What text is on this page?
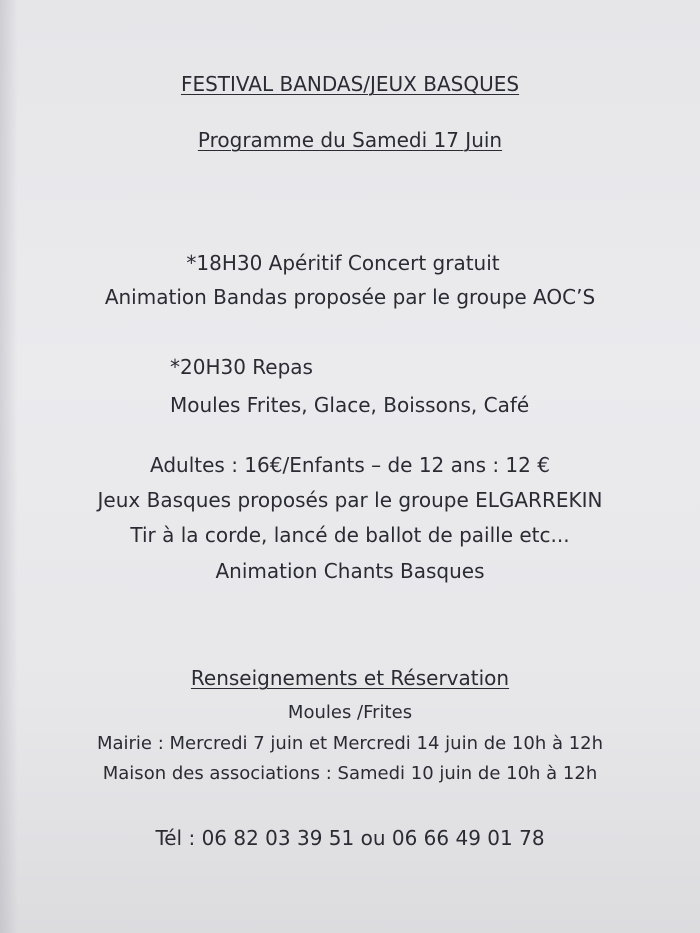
FESTIVAL BANDAS/JEUX BASQUES
Programme du Samedi 17 Juin
*18H30 Apéritif Concert gratuit
Animation Bandas proposée par le groupe AOC’S
*20H30 Repas
Moules Frites, Glace, Boissons, Café
Adultes : 16€/Enfants – de 12 ans : 12 €
Jeux Basques proposés par le groupe ELGARREKIN
Tir à la corde, lancé de ballot de paille etc...
Animation Chants Basques
Renseignements et Réservation
Moules /Frites
Mairie : Mercredi 7 juin et Mercredi 14 juin de 10h à 12h
Maison des associations : Samedi 10 juin de 10h à 12h
Tél : 06 82 03 39 51 ou 06 66 49 01 78
